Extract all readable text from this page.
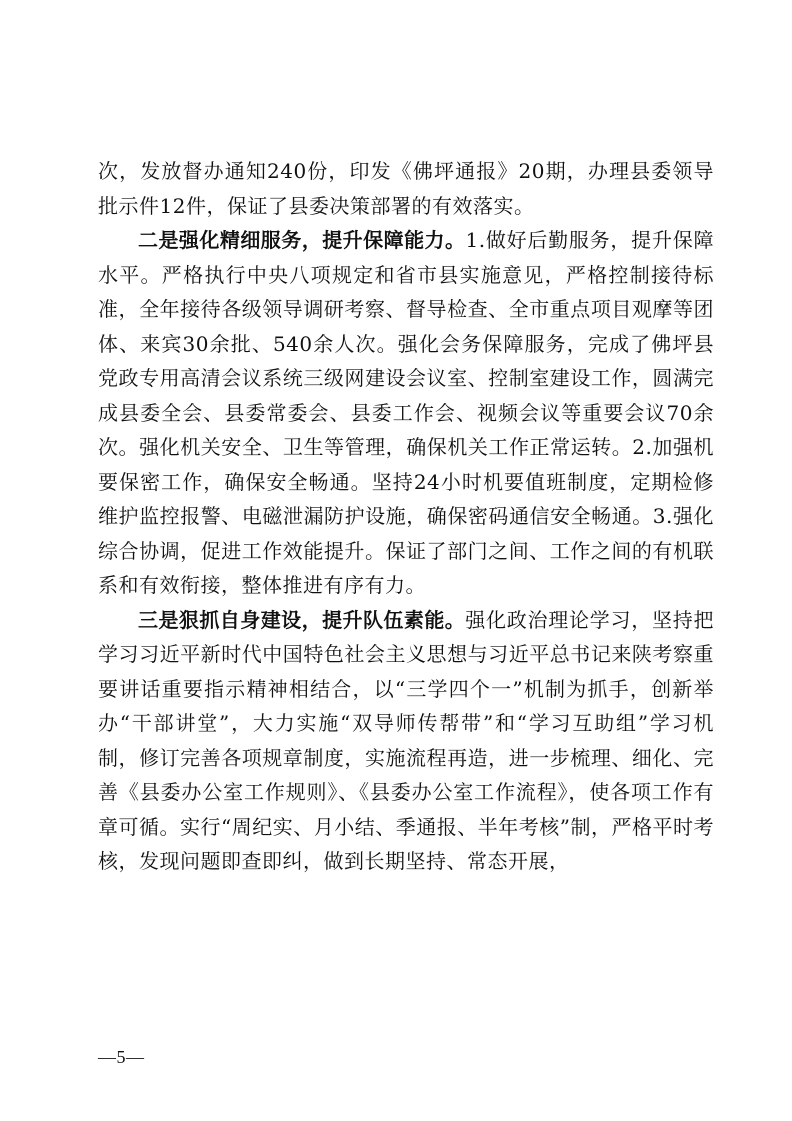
次，发放督办通知240份，印发《佛坪通报》20期，办理县委领导批示件12件，保证了县委决策部署的有效落实。

二是强化精细服务，提升保障能力。1.做好后勤服务，提升保障水平。严格执行中央八项规定和省市县实施意见，严格控制接待标准，全年接待各级领导调研考察、督导检查、全市重点项目观摩等团体、来宾30余批、540余人次。强化会务保障服务，完成了佛坪县党政专用高清会议系统三级网建设会议室、控制室建设工作，圆满完成县委全会、县委常委会、县委工作会、视频会议等重要会议70余次。强化机关安全、卫生等管理，确保机关工作正常运转。2.加强机要保密工作，确保安全畅通。坚持24小时机要值班制度，定期检修维护监控报警、电磁泄漏防护设施，确保密码通信安全畅通。3.强化综合协调，促进工作效能提升。保证了部门之间、工作之间的有机联系和有效衔接，整体推进有序有力。

三是狠抓自身建设，提升队伍素能。强化政治理论学习，坚持把学习习近平新时代中国特色社会主义思想与习近平总书记来陕考察重要讲话重要指示精神相结合，以“三学四个一”机制为抓手，创新举办“干部讲堂”，大力实施“双导师传帮带”和“学习互助组”学习机制，修订完善各项规章制度，实施流程再造，进一步梳理、细化、完善《县委办公室工作规则》、《县委办公室工作流程》，使各项工作有章可循。实行“周纪实、月小结、季通报、半年考核”制，严格平时考核，发现问题即查即纠，做到长期坚持、常态开展，

—5—
